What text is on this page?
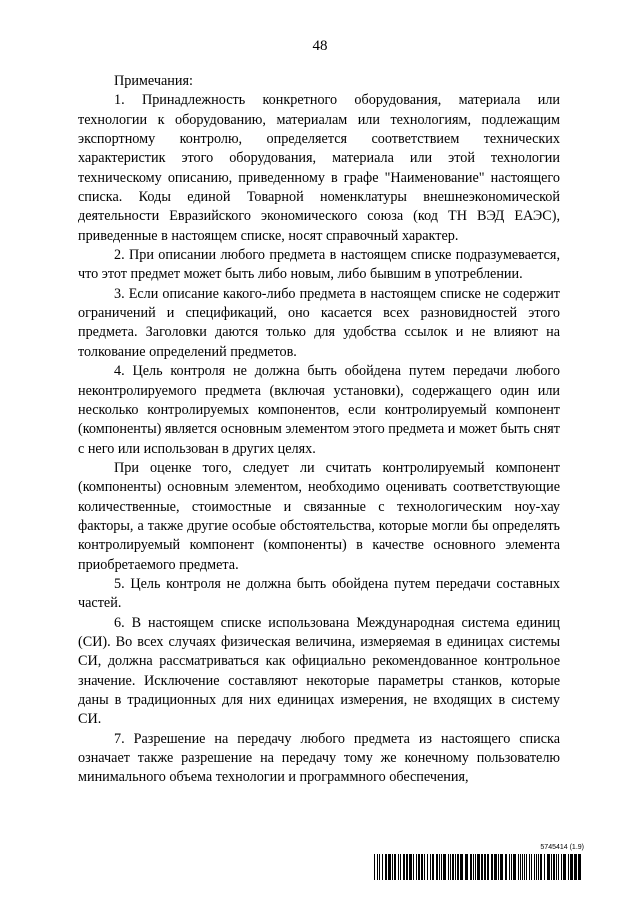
48

Примечания:

1. Принадлежность конкретного оборудования, материала или технологии к оборудованию, материалам или технологиям, подлежащим экспортному контролю, определяется соответствием технических характеристик этого оборудования, материала или этой технологии техническому описанию, приведенному в графе "Наименование" настоящего списка. Коды единой Товарной номенклатуры внешнеэкономической деятельности Евразийского экономического союза (код ТН ВЭД ЕАЭС), приведенные в настоящем списке, носят справочный характер.

2. При описании любого предмета в настоящем списке подразумевается, что этот предмет может быть либо новым, либо бывшим в употреблении.

3. Если описание какого-либо предмета в настоящем списке не содержит ограничений и спецификаций, оно касается всех разновидностей этого предмета. Заголовки даются только для удобства ссылок и не влияют на толкование определений предметов.

4. Цель контроля не должна быть обойдена путем передачи любого неконтролируемого предмета (включая установки), содержащего один или несколько контролируемых компонентов, если контролируемый компонент (компоненты) является основным элементом этого предмета и может быть снят с него или использован в других целях.

При оценке того, следует ли считать контролируемый компонент (компоненты) основным элементом, необходимо оценивать соответствующие количественные, стоимостные и связанные с технологическим ноу-хау факторы, а также другие особые обстоятельства, которые могли бы определять контролируемый компонент (компоненты) в качестве основного элемента приобретаемого предмета.

5. Цель контроля не должна быть обойдена путем передачи составных частей.

6. В настоящем списке использована Международная система единиц (СИ). Во всех случаях физическая величина, измеряемая в единицах системы СИ, должна рассматриваться как официально рекомендованное контрольное значение. Исключение составляют некоторые параметры станков, которые даны в традиционных для них единицах измерения, не входящих в систему СИ.

7. Разрешение на передачу любого предмета из настоящего списка означает также разрешение на передачу тому же конечному пользователю минимального объема технологии и программного обеспечения,

5745414 (1.9)
